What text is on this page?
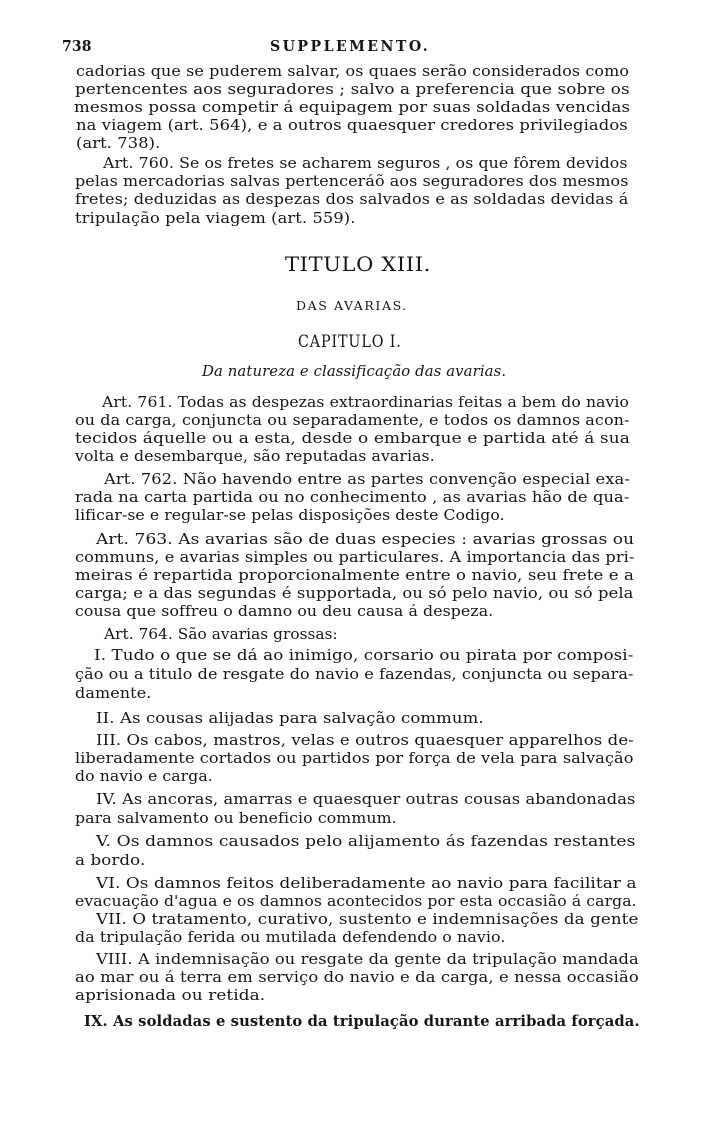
738	SUPPLEMENTO.
cadorias que se puderem salvar, os quaes serão considerados como
pertencentes aos seguradores ; salvo a preferencia que sobre os
mesmos possa competir á equipagem por suas soldadas vencidas
na viagem (art. 564), e a outros quaesquer credores privilegiados
(art. 738).
Art. 760. Se os fretes se acharem seguros , os que fôrem devidos
pelas mercadorias salvas pertenceráõ aos seguradores dos mesmos
fretes; deduzidas as despezas dos salvados e as soldadas devidas á
tripulação pela viagem (art. 559).
TITULO XIII.
DAS AVARIAS.
CAPITULO I.
Da natureza e classificação das avarias.
Art. 761. Todas as despezas extraordinarias feitas a bem do navio
ou da carga, conjuncta ou separadamente, e todos os damnos acon-
tecidos áquelle ou a esta, desde o embarque e partida até á sua
volta e desembarque, são reputadas avarias.
Art. 762. Não havendo entre as partes convenção especial exa-
rada na carta partida ou no conhecimento , as avarias hão de qua-
lificar-se e regular-se pelas disposições deste Codigo.
Art. 763. As avarias são de duas especies : avarias grossas ou
communs, e avarias simples ou particulares. A importancia das pri-
meiras é repartida proporcionalmente entre o navio, seu frete e a
carga; e a das segundas é supportada, ou só pelo navio, ou só pela
cousa que soffreu o damno ou deu causa á despeza.
Art. 764. São avarias grossas:
I. Tudo o que se dá ao inimigo, corsario ou pirata por composi-
ção ou a titulo de resgate do navio e fazendas, conjuncta ou separa-
damente.
II. As cousas alijadas para salvação commum.
III. Os cabos, mastros, velas e outros quaesquer apparelhos de-
liberadamente cortados ou partidos por força de vela para salvação
do navio e carga.
IV. As ancoras, amarras e quaesquer outras cousas abandonadas
para salvamento ou beneficio commum.
V. Os damnos causados pelo alijamento ás fazendas restantes
a bordo.
VI. Os damnos feitos deliberadamente ao navio para facilitar a
evacuação d'agua e os damnos acontecidos por esta occasião á carga.
VII. O tratamento, curativo, sustento e indemnisações da gente
da tripulação ferida ou mutilada defendendo o navio.
VIII. A indemnisação ou resgate da gente da tripulação mandada
ao mar ou á terra em serviço do navio e da carga, e nessa occasião
aprisionada ou retida.
IX. As soldadas e sustento da tripulação durante arribada forçada.
